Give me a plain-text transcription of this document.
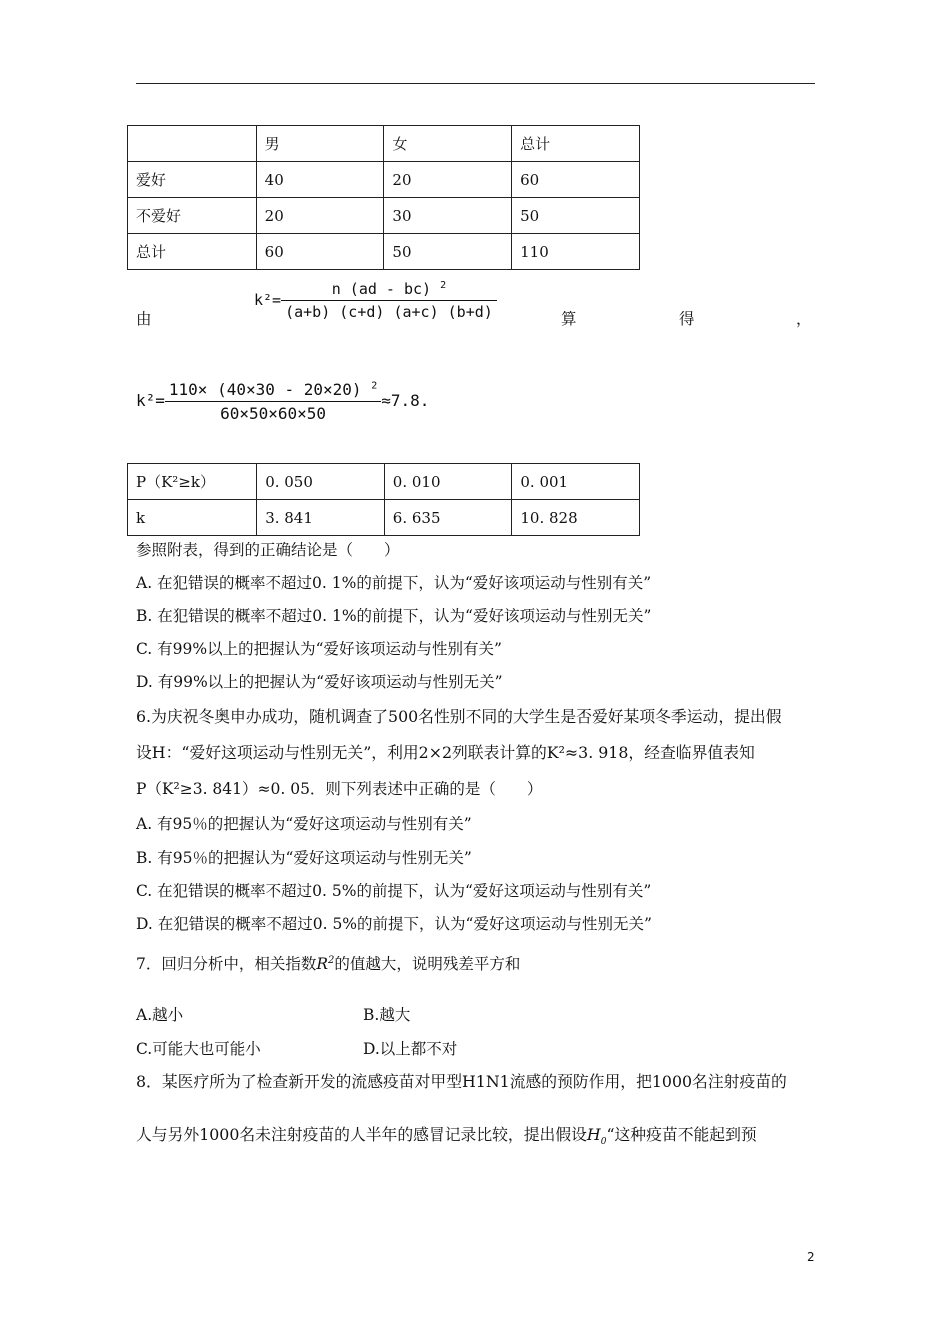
	男	女	总计
爱好	40	20	60
不爱好	20	30	50
总计	60	50	110
由
$k^2= \frac{n (ad - bc) ^2}{(a+b) (c+d) (a+c) (b+d)}$	算	得	，
$k^2= \frac{110\times (40\times 30 - 20\times 20) ^2}{60\times 50\times 60\times 50} \approx 7.8$.
P（K²≥k）	0. 050	0. 010	0. 001
k	3. 841	6. 635	10. 828
参照附表，得到的正确结论是（　　）
A. 在犯错误的概率不超过0. 1%的前提下，认为“爱好该项运动与性别有关”
B. 在犯错误的概率不超过0. 1%的前提下，认为“爱好该项运动与性别无关”
C. 有99%以上的把握认为“爱好该项运动与性别有关”
D. 有99%以上的把握认为“爱好该项运动与性别无关”
6.为庆祝冬奥申办成功，随机调查了500名性别不同的大学生是否爱好某项冬季运动，提出假
设H：“爱好这项运动与性别无关”，利用2×2列联表计算的K²≈3. 918，经查临界值表知
P（K²≥3. 841）≈0. 05．则下列表述中正确的是（　　）
A. 有95％的把握认为“爱好这项运动与性别有关”
B. 有95％的把握认为“爱好这项运动与性别无关”
C. 在犯错误的概率不超过0. 5%的前提下，认为“爱好这项运动与性别有关”
D. 在犯错误的概率不超过0. 5%的前提下，认为“爱好这项运动与性别无关”
7．回归分析中，相关指数$R^2$的值越大，说明残差平方和
A.越小	B.越大
C.可能大也可能小	D.以上都不对
8．某医疗所为了检查新开发的流感疫苗对甲型H1N1流感的预防作用，把1000名注射疫苗的
人与另外1000名未注射疫苗的人半年的感冒记录比较，提出假设$H_0“$这种疫苗不能起到预
2
